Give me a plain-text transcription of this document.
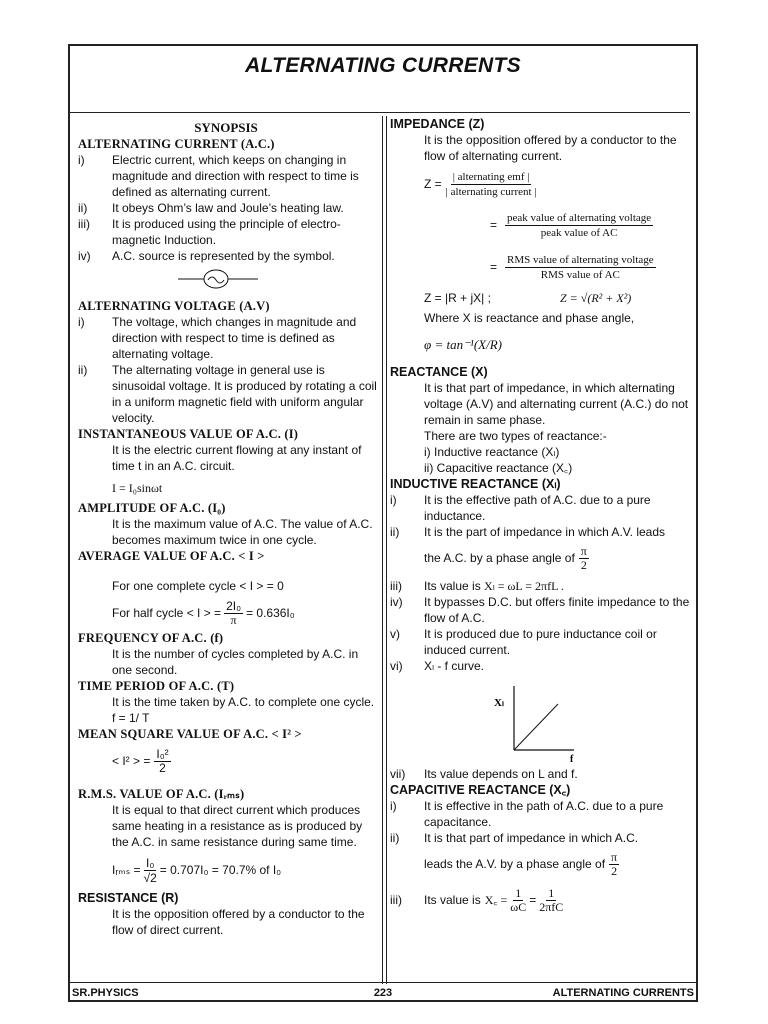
ALTERNATING CURRENTS
SYNOPSIS
ALTERNATING CURRENT (A.C.)
i)	Electric current, which keeps on changing in magnitude and direction with respect to time is defined as alternating current.
ii)	It obeys Ohm’s law and Joule’s heating law.
iii)	It is produced using the principle of electro-magnetic Induction.
iv)	A.C. source is represented by the symbol.
ALTERNATING VOLTAGE (A.V)
i)	The voltage, which changes in magnitude and direction with respect to time is defined as alternating voltage.
ii)	The alternating voltage in general use is sinusoidal voltage. It is produced by rotating a coil in a uniform magnetic field with uniform angular velocity.
INSTANTANEOUS VALUE OF A.C. (I)
It is the electric current flowing at any instant of time t in an A.C. circuit.
I = I₀sinωt
AMPLITUDE OF A.C. (I₀)
It is the maximum value of A.C. The value of A.C. becomes maximum twice in one cycle.
AVERAGE VALUE OF A.C. < I >
For one complete cycle < I > = 0
For half cycle < I > = $\frac{\text{2I₀}}{\pi} = 0.636I_0$
FREQUENCY OF A.C. (f)
It is the number of cycles completed by A.C. in one second.
TIME PERIOD OF A.C. (T)
It is the time taken by A.C. to complete one cycle.
f = 1/ T
MEAN SQUARE VALUE OF A.C. < I² >
< I² > = $\frac{\text{I₀²}}{2}$
R.M.S. VALUE OF A.C. (Iᵣₘₛ)
It is equal to that direct current which produces same heating in a resistance as is produced by the A.C. in same resistance during same time.
Iᵣₘₛ = $\frac{\text{I₀}}{√2} = 0.707I_0 = 70.7\%$ of I₀
RESISTANCE (R)
It is the opposition offered by a conductor to the flow of direct current.
IMPEDANCE (Z)
It is the opposition offered by a conductor to the flow of alternating current.
Z =
| alternating emf |
| alternating current |
=
peak value of alternating voltage
peak value of AC
=
RMS value of alternating voltage
RMS value of AC
Z = |R + jX| ;	Z = √(R² + X²)
Where X is reactance and phase angle,
φ = tan⁻¹(X/R)
REACTANCE (X)
It is that part of impedance, in which alternating voltage (A.V) and alternating current (A.C.) do not remain in same phase.
There are two types of reactance:-
i) Inductive reactance (Xₗ)
ii) Capacitive reactance (X꜀)
INDUCTIVE REACTANCE (Xₗ)
i)	It is the effective path of A.C. due to a pure inductance.
ii)	It is the part of impedance in which A.V. leads
the A.C. by a phase angle of $\frac{\pi}{2}$
iii)	Its value is Xₗ = ωL = 2πfL .
iv)	It bypasses D.C. but offers finite impedance to the flow of A.C.
v)	It is produced due to pure inductance coil or induced current.
vi)	Xₗ - f curve.
Xₗ
f
vii)	Its value depends on L and f.
CAPACITIVE REACTANCE (X꜀)
i)	It is effective in the path of A.C. due to a pure capacitance.
ii)	It is that part of impedance in which A.C.
leads the A.V. by a phase angle of $\frac{\pi}{2}$
iii)	Its value is X꜀ = $\frac{1}{\omega C}$ =
1
2πfC
SR.PHYSICS	223	ALTERNATING CURRENTS
